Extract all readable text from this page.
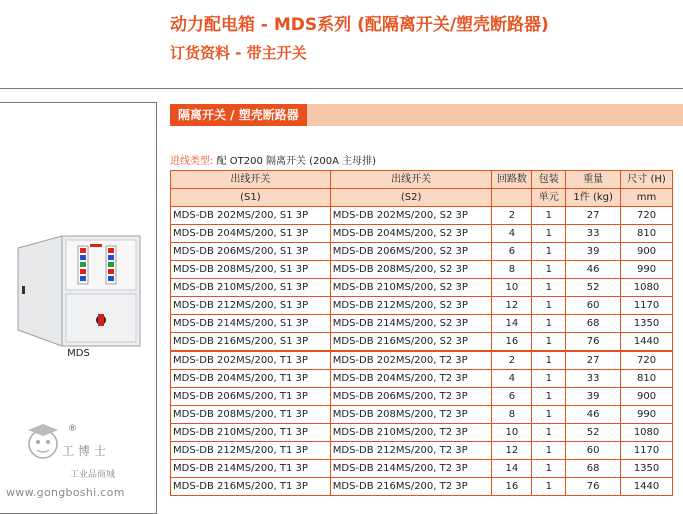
动力配电箱 - MDS系列 (配隔离开关/塑壳断路器)
订货资料 - 带主开关
MDS
®
工博士
工业品商城
www.gongboshi.com
隔离开关 / 塑壳断路器
进线类型: 配 OT200 隔离开关 (200A 主母排)
出线开关	出线开关	回路数	包装	重量	尺寸 (H)
(S1)	(S2)		单元	1件 (kg)	mm
MDS-DB 202MS/200, S1 3P	MDS-DB 202MS/200, S2 3P	2	1	27	720
MDS-DB 204MS/200, S1 3P	MDS-DB 204MS/200, S2 3P	4	1	33	810
MDS-DB 206MS/200, S1 3P	MDS-DB 206MS/200, S2 3P	6	1	39	900
MDS-DB 208MS/200, S1 3P	MDS-DB 208MS/200, S2 3P	8	1	46	990
MDS-DB 210MS/200, S1 3P	MDS-DB 210MS/200, S2 3P	10	1	52	1080
MDS-DB 212MS/200, S1 3P	MDS-DB 212MS/200, S2 3P	12	1	60	1170
MDS-DB 214MS/200, S1 3P	MDS-DB 214MS/200, S2 3P	14	1	68	1350
MDS-DB 216MS/200, S1 3P	MDS-DB 216MS/200, S2 3P	16	1	76	1440
MDS-DB 202MS/200, T1 3P	MDS-DB 202MS/200, T2 3P	2	1	27	720
MDS-DB 204MS/200, T1 3P	MDS-DB 204MS/200, T2 3P	4	1	33	810
MDS-DB 206MS/200, T1 3P	MDS-DB 206MS/200, T2 3P	6	1	39	900
MDS-DB 208MS/200, T1 3P	MDS-DB 208MS/200, T2 3P	8	1	46	990
MDS-DB 210MS/200, T1 3P	MDS-DB 210MS/200, T2 3P	10	1	52	1080
MDS-DB 212MS/200, T1 3P	MDS-DB 212MS/200, T2 3P	12	1	60	1170
MDS-DB 214MS/200, T1 3P	MDS-DB 214MS/200, T2 3P	14	1	68	1350
MDS-DB 216MS/200, T1 3P	MDS-DB 216MS/200, T2 3P	16	1	76	1440
